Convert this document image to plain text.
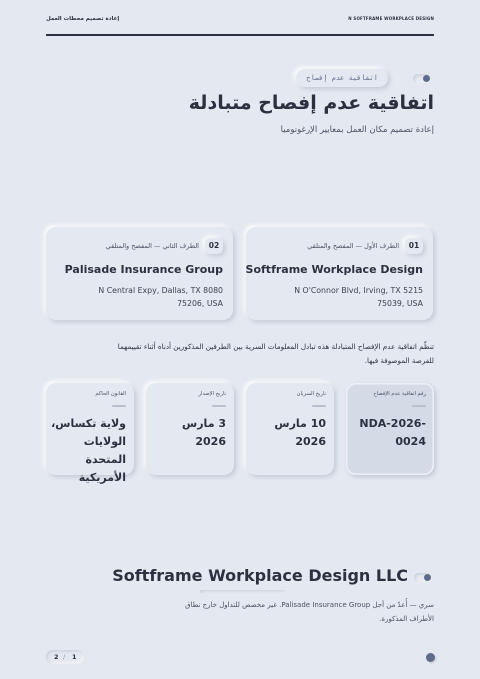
إعادة تصميم محطات العمل	N SOFTFRAME WORKPLACE DESIGN
اتفاقية عدم إفصاح
اتفاقية عدم إفصاح متبادلة
إعادة تصميم مكان العمل بمعايير الإرغونوميا
01
الطرف الأول — المفصح والمتلقي
Softframe Workplace Design
N O'Connor Blvd, Irving, TX 5215 75039, USA
02
الطرف الثاني — المفصح والمتلقي
Palisade Insurance Group
N Central Expy, Dallas, TX 8080 75206, USA
تنظّم اتفاقية عدم الإفصاح المتبادلة هذه تبادل المعلومات السرية بين الطرفين المذكورين أدناه أثناء تقييمهما للفرصة الموصوفة فيها.
رقم اتفاقية عدم الإفصاح
NDA-2026-0024
تاريخ السريان
10 مارس 2026
تاريخ الإصدار
3 مارس 2026
القانون الحاكم
ولاية تكساس، الولايات المتحدة الأمريكية
Softframe Workplace Design LLC
سري — أُعدّ من أجل Palisade Insurance Group. غير مخصص للتداول خارج نطاق الأطراف المذكورة.
2 / 1
